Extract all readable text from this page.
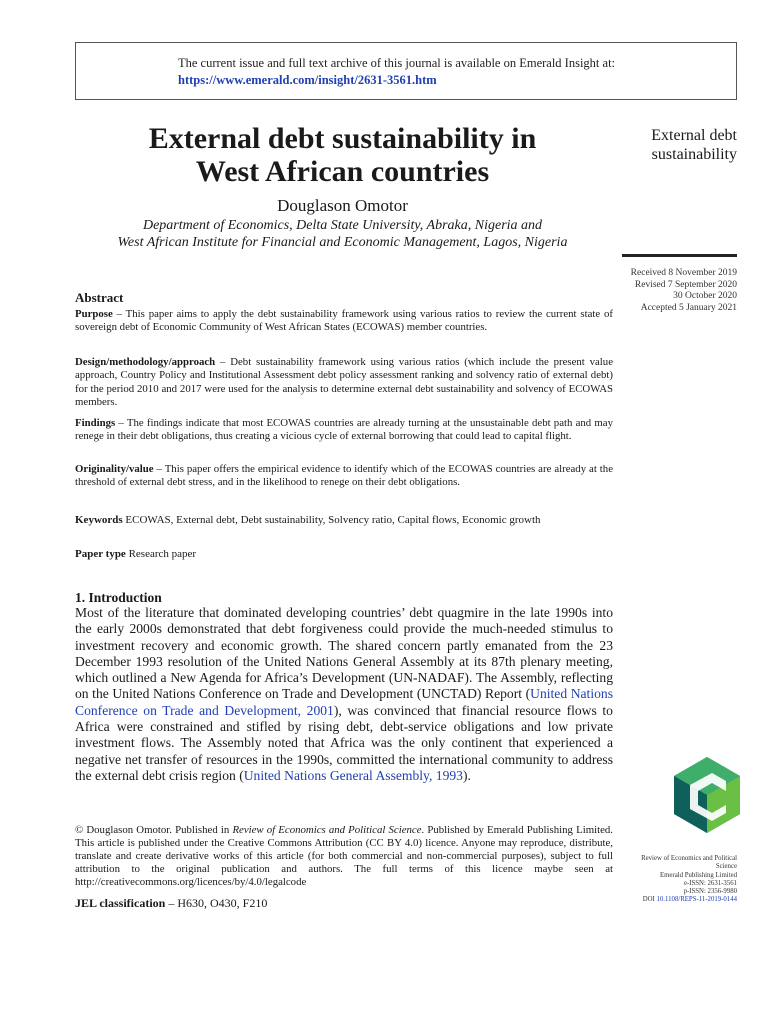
The current issue and full text archive of this journal is available on Emerald Insight at:
https://www.emerald.com/insight/2631-3561.htm
External debt sustainability in
West African countries
Douglason Omotor
Department of Economics, Delta State University, Abraka, Nigeria and
West African Institute for Financial and Economic Management, Lagos, Nigeria
External debt
sustainability
Received 8 November 2019
Revised 7 September 2020
30 October 2020
Accepted 5 January 2021
Abstract
Purpose – This paper aims to apply the debt sustainability framework using various ratios to review the current state of sovereign debt of Economic Community of West African States (ECOWAS) member countries.
Design/methodology/approach – Debt sustainability framework using various ratios (which include the present value approach, Country Policy and Institutional Assessment debt policy assessment ranking and solvency ratio of external debt) for the period 2010 and 2017 were used for the analysis to determine external debt sustainability and solvency of ECOWAS members.
Findings – The findings indicate that most ECOWAS countries are already turning at the unsustainable debt path and may renege in their debt obligations, thus creating a vicious cycle of external borrowing that could lead to capital flight.
Originality/value – This paper offers the empirical evidence to identify which of the ECOWAS countries are already at the threshold of external debt stress, and in the likelihood to renege on their debt obligations.
Keywords ECOWAS, External debt, Debt sustainability, Solvency ratio, Capital flows, Economic growth
Paper type Research paper
1. Introduction
Most of the literature that dominated developing countries’ debt quagmire in the late 1990s into the early 2000s demonstrated that debt forgiveness could provide the much-needed stimulus to investment recovery and economic growth. The shared concern partly emanated from the 23 December 1993 resolution of the United Nations General Assembly at its 87th plenary meeting, which outlined a New Agenda for Africa’s Development (UN-NADAF). The Assembly, reflecting on the United Nations Conference on Trade and Development (UNCTAD) Report (United Nations Conference on Trade and Development, 2001), was convinced that financial resource flows to Africa were constrained and stifled by rising debt, debt-service obligations and low private investment flows. The Assembly noted that Africa was the only continent that experienced a negative net transfer of resources in the 1990s, committed the international community to address the external debt crisis region (United Nations General Assembly, 1993).
© Douglason Omotor. Published in Review of Economics and Political Science. Published by Emerald Publishing Limited. This article is published under the Creative Commons Attribution (CC BY 4.0) licence. Anyone may reproduce, distribute, translate and create derivative works of this article (for both commercial and non-commercial purposes), subject to full attribution to the original publication and authors. The full terms of this licence maybe seen at http://creativecommons.org/licences/by/4.0/legalcode
JEL classification – H630, O430, F210
Review of Economics and Political
Science
Emerald Publishing Limited
e-ISSN: 2631-3561
p-ISSN: 2356-9980
DOI 10.1108/REPS-11-2019-0144
